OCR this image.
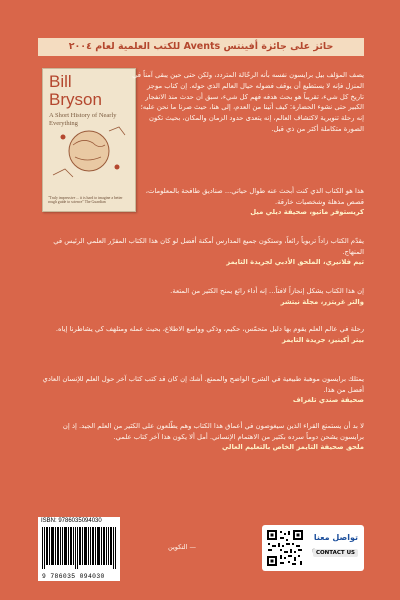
حائز على جائزة أفينتس Avents للكتب العلمية لعام ٢٠٠٤
Bill
Bryson
A Short History of Nearly Everything
"Truly impressive ... it is hard to imagine a better rough guide to science" The Guardian
يصف المؤلف بيل برايسون نفسه بأنه الرحّالة المتردد، ولكن حتى حين يبقى آمناً في المنزل فإنه لا يستطيع أن يوقف فضوله حيال العالم الذي حوله. إن كتاب موجز تاريخ كل شيء، تقريباً هو بحث هدفه فهم كل شيء، سبق أن حدث منذ الانفجار الكبير حتى نشوء الحضارة: كيف أتينا من العدم، إلى هنا، حيث صرنا ما نحن عليه؛ إنه رحلة تنويرية لاكتشاف العالم، إنه يتعدى حدود الزمان والمكان، بحيث تكون الصورة متكاملة أكثر من ذي قبل.
هذا هو الكتاب الذي كنت أبحث عنه طوال حياتي... صناديق طافحة بالمعلومات، قصص مذهلة وشخصيات خارقة.
كريستوفر ماثيو، صحيفة ديلي ميل
يقدّم الكتاب زاداً تربوياً رائعاً، وستكون جميع المدارس أمكنة أفضل لو كان هذا الكتاب المقرّر العلمي الرئيس في المنهاج.
تيم فلانيري، الملحق الأدبي لجريدة التايمز
إن هذا الكتاب يشكل إنجازاً لافتاً... إنه أداء رائع يمنح الكثير من المتعة.
والتر غريتزر، مجلة نيتشر
رحلة في عالم العلم يقوم بها دليل متحمّس، حكيم، وذكي وواسع الاطلاع، بحيث عمله ومتلهف كي يشاطرنا إياه.
بيتر أكينيز، جريدة التايمز
يمتلك برايسون موهبة طبيعية في الشرح الواضح والممتع. أشك إن كان قد كتب كتاب آخر حول العلم للإنسان العادي أفضل من هذا.
صحيفة صندي تلغراف
لا بد أن يستمتع القراء الذين سيغوصون في أعماق هذا الكتاب وهم يطّلعون على الكثير من العلم الجيد. إذ إن برايسون يشحن دوماً سرده بكثير من الاهتمام الإنساني. أمل ألا يكون هذا آخر كتاب علمي.
ملحق صحيفة التايمز الخاص بالتعليم العالي
ISBN: 9786035094030
9 786035 094030
— التكوين
تواصل معنا
CONTACT US
